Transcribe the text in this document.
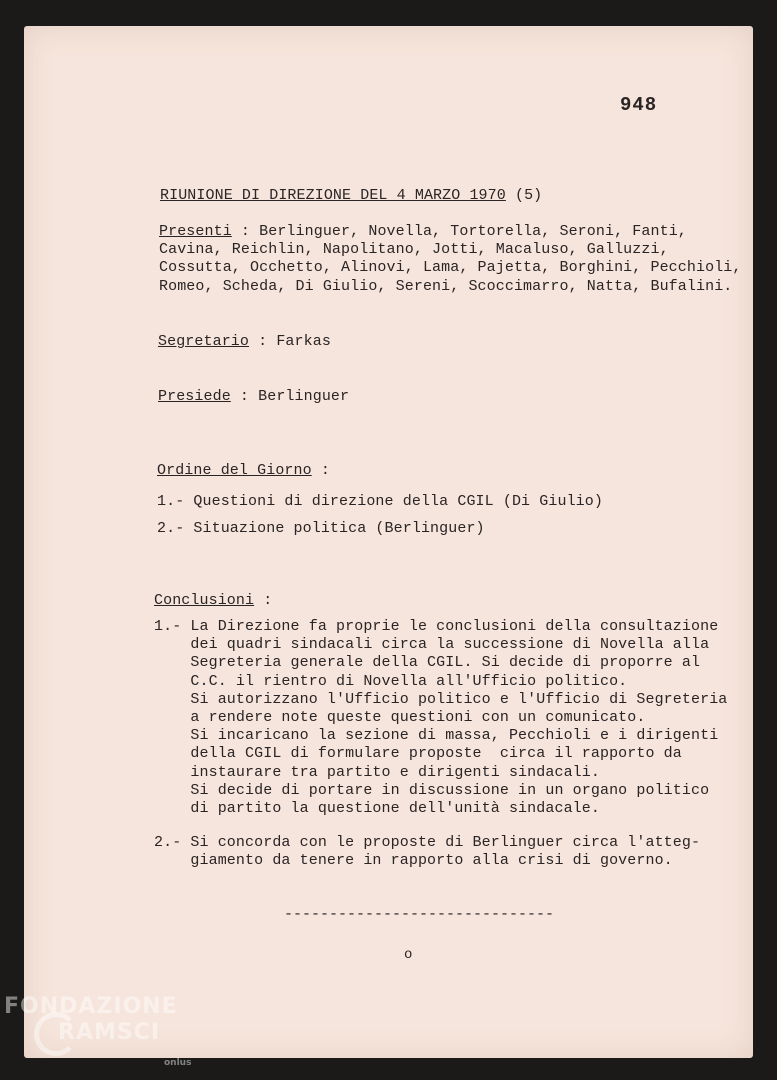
948

RIUNIONE DI DIREZIONE DEL 4 MARZO 1970 (5)

Presenti : Berlinguer, Novella, Tortorella, Seroni, Fanti,
Cavina, Reichlin, Napolitano, Jotti, Macaluso, Galluzzi,
Cossutta, Occhetto, Alinovi, Lama, Pajetta, Borghini, Pecchioli,
Romeo, Scheda, Di Giulio, Sereni, Scoccimarro, Natta, Bufalini.
Segretario : Farkas
Presiede : Berlinguer
Ordine del Giorno :
1.- Questioni di direzione della CGIL (Di Giulio)
2.- Situazione politica (Berlinguer)
Conclusioni :
1.- La Direzione fa proprie le conclusioni della consultazione
dei quadri sindacali circa la successione di Novella alla
Segreteria generale della CGIL. Si decide di proporre al
C.C. il rientro di Novella all'Ufficio politico.
Si autorizzano l'Ufficio politico e l'Ufficio di Segreteria
a rendere note queste questioni con un comunicato.
Si incaricano la sezione di massa, Pecchioli e i dirigenti
della CGIL di formulare proposte  circa il rapporto da
instaurare tra partito e dirigenti sindacali.
Si decide di portare in discussione in un organo politico
di partito la questione dell'unità sindacale.
2.- Si concorda con le proposte di Berlinguer circa l'atteg-
giamento da tenere in rapporto alla crisi di governo.
------------------------------
o
FONDAZIONE
RAMSCI
onlus
